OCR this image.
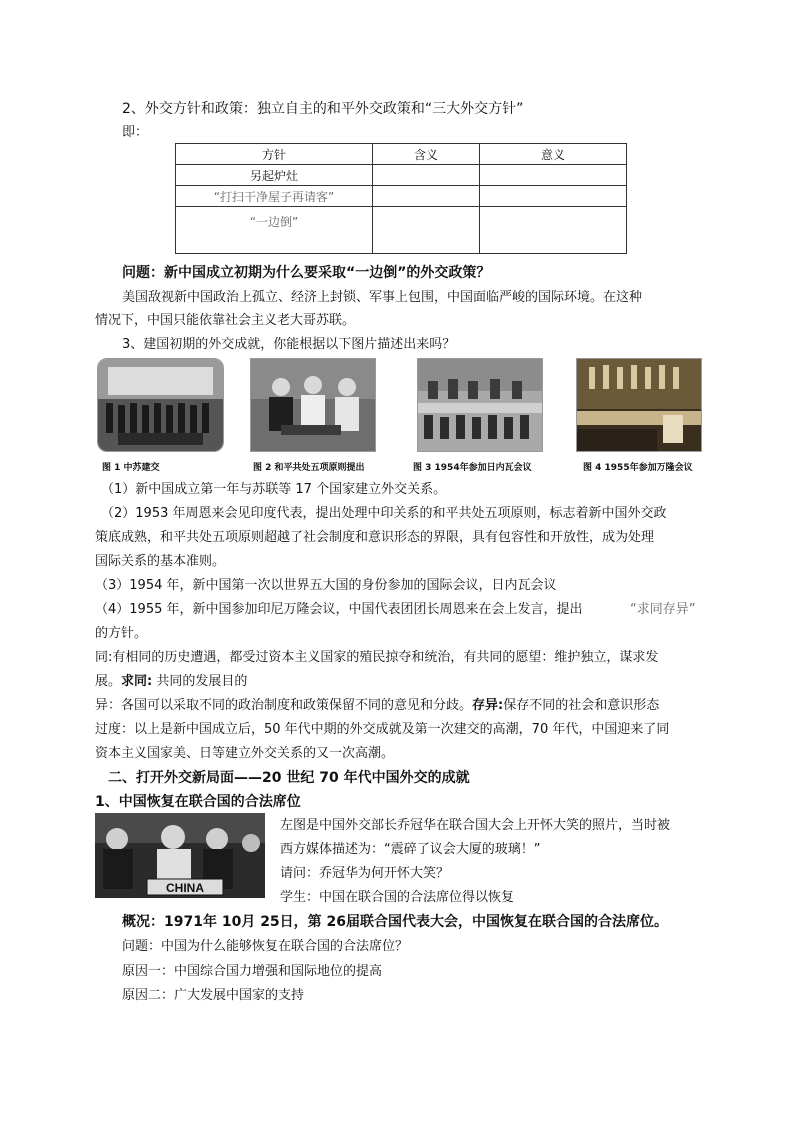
2、外交方针和政策：独立自主的和平外交政策和“三大外交方针”
即：
方针	含义	意义
另起炉灶		
“打扫干净屋子再请客”		
“一边倒”		
问题：新中国成立初期为什么要采取“一边倒”的外交政策？
美国敌视新中国政治上孤立、经济上封锁、军事上包围，中国面临严峻的国际环境。在这种
情况下，中国只能依靠社会主义老大哥苏联。
3、建国初期的外交成就，你能根据以下图片描述出来吗？
图 1 中苏建交	图 2 和平共处五项原则提出	图 3 1954年参加日内瓦会议	图 4 1955年参加万隆会议
（1）新中国成立第一年与苏联等 17 个国家建立外交关系。
（2）1953 年周恩来会见印度代表，提出处理中印关系的和平共处五项原则，标志着新中国外交政
策底成熟，和平共处五项原则超越了社会制度和意识形态的界限，具有包容性和开放性，成为处理
国际关系的基本准则。
（3）1954 年，新中国第一次以世界五大国的身份参加的国际会议，日内瓦会议
（4）1955 年，新中国参加印尼万隆会议，中国代表团团长周恩来在会上发言，提出	“求同存异”
的方针。
同:有相同的历史遭遇，都受过资本主义国家的殖民掠夺和统治，有共同的愿望：维护独立，谋求发
展。求同: 共同的发展目的
异：各国可以采取不同的政治制度和政策保留不同的意见和分歧。存异:保存不同的社会和意识形态
过度：以上是新中国成立后，50 年代中期的外交成就及第一次建交的高潮，70 年代，中国迎来了同
资本主义国家美、日等建立外交关系的又一次高潮。
二、打开外交新局面——20 世纪 70 年代中国外交的成就
1、中国恢复在联合国的合法席位
CHINA
左图是中国外交部长乔冠华在联合国大会上开怀大笑的照片，当时被
西方媒体描述为：“震碎了议会大厦的玻璃！”
请问：乔冠华为何开怀大笑？
学生：中国在联合国的合法席位得以恢复
概况：1971年 10月 25日，第 26届联合国代表大会，中国恢复在联合国的合法席位。
问题：中国为什么能够恢复在联合国的合法席位？
原因一：中国综合国力增强和国际地位的提高
原因二：广大发展中国家的支持
